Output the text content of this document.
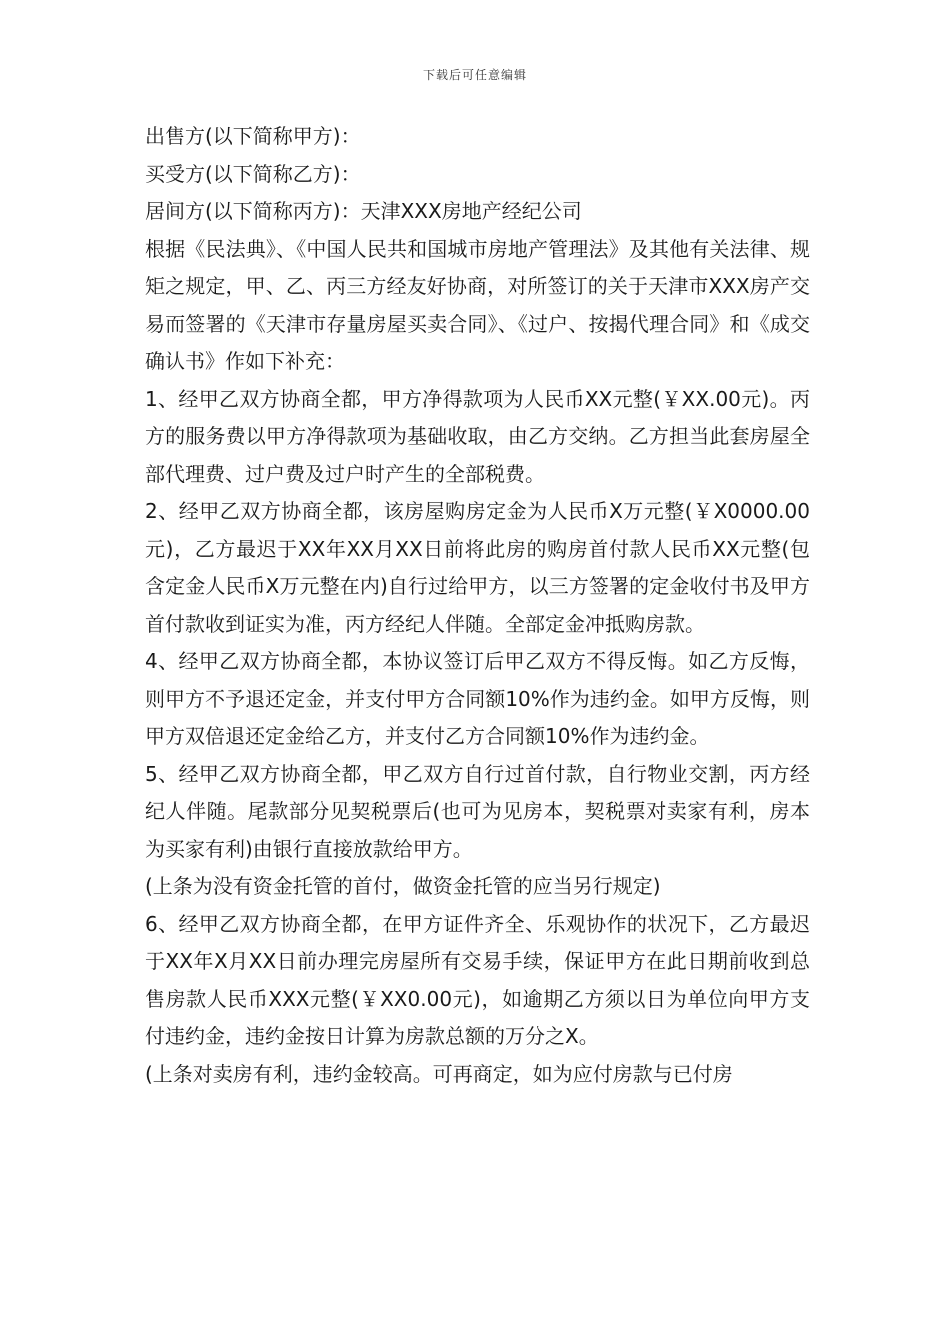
下载后可任意编辑

出售方(以下简称甲方)：

买受方(以下简称乙方)：

居间方(以下简称丙方)：天津XXX房地产经纪公司

根据《民法典》、《中国人民共和国城市房地产管理法》及其他有关法律、规矩之规定，甲、乙、丙三方经友好协商，对所签订的关于天津市XXX房产交易而签署的《天津市存量房屋买卖合同》、《过户、按揭代理合同》和《成交确认书》作如下补充：

1、经甲乙双方协商全都，甲方净得款项为人民币XX元整(￥XX.00元)。丙方的服务费以甲方净得款项为基础收取，由乙方交纳。乙方担当此套房屋全部代理费、过户费及过户时产生的全部税费。

2、经甲乙双方协商全都，该房屋购房定金为人民币X万元整(￥X0000.00元)，乙方最迟于XX年XX月XX日前将此房的购房首付款人民币XX元整(包含定金人民币X万元整在内)自行过给甲方，以三方签署的定金收付书及甲方首付款收到证实为准，丙方经纪人伴随。全部定金冲抵购房款。

4、经甲乙双方协商全都，本协议签订后甲乙双方不得反悔。如乙方反悔，则甲方不予退还定金，并支付甲方合同额10%作为违约金。如甲方反悔，则甲方双倍退还定金给乙方，并支付乙方合同额10%作为违约金。

5、经甲乙双方协商全都，甲乙双方自行过首付款，自行物业交割，丙方经纪人伴随。尾款部分见契税票后(也可为见房本，契税票对卖家有利，房本为买家有利)由银行直接放款给甲方。

(上条为没有资金托管的首付，做资金托管的应当另行规定)

6、经甲乙双方协商全都，在甲方证件齐全、乐观协作的状况下，乙方最迟于XX年X月XX日前办理完房屋所有交易手续，保证甲方在此日期前收到总售房款人民币XXX元整(￥XX0.00元)，如逾期乙方须以日为单位向甲方支付违约金，违约金按日计算为房款总额的万分之X。

(上条对卖房有利，违约金较高。可再商定，如为应付房款与已付房
